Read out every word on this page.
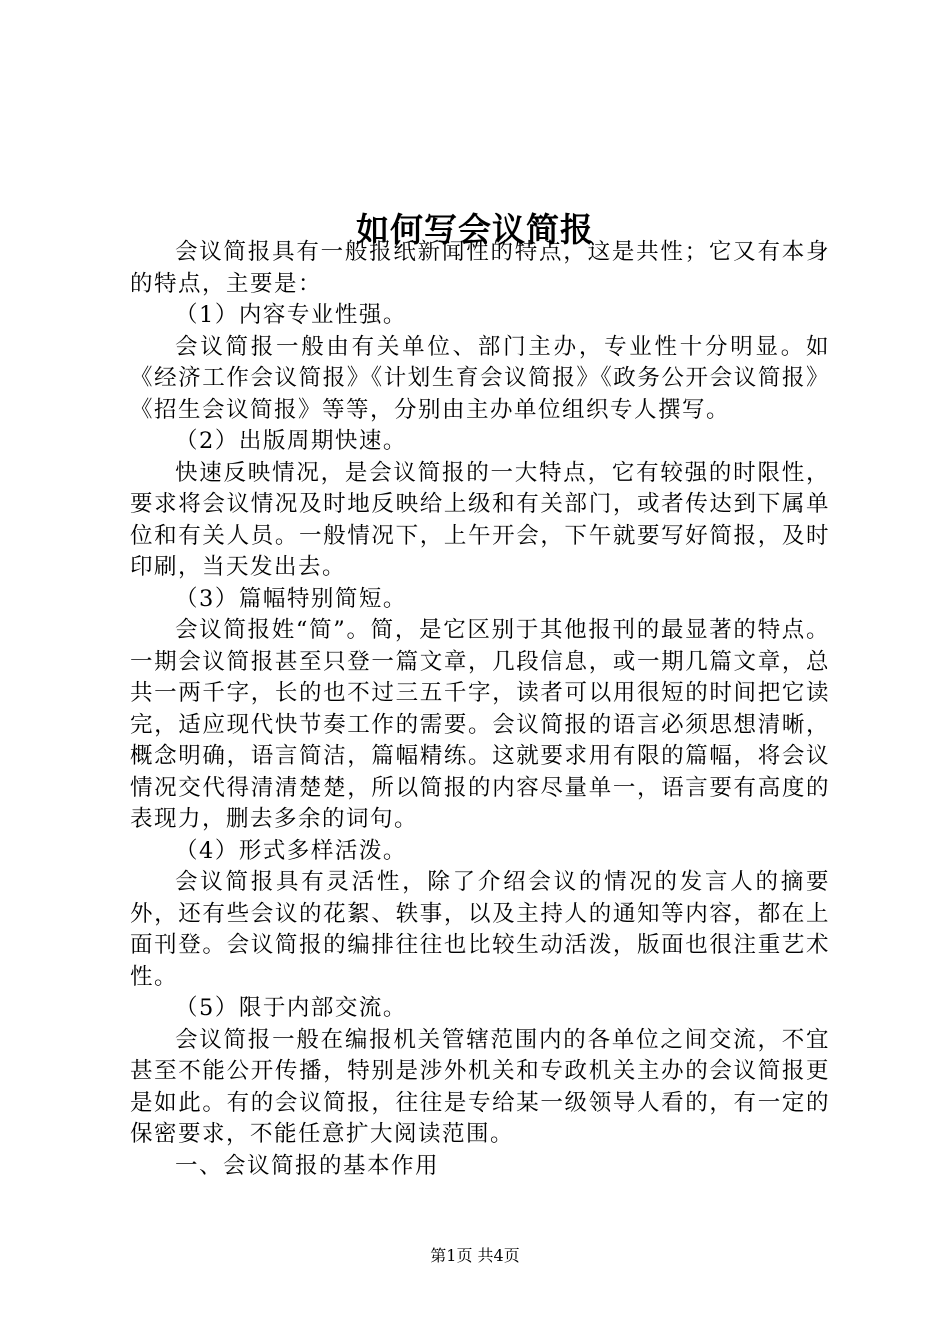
如何写会议简报

会议简报具有一般报纸新闻性的特点，这是共性；它又有本身的特点，主要是：

（1）内容专业性强。

会议简报一般由有关单位、部门主办，专业性十分明显。如《经济工作会议简报》《计划生育会议简报》《政务公开会议简报》《招生会议简报》等等，分别由主办单位组织专人撰写。

（2）出版周期快速。

快速反映情况，是会议简报的一大特点，它有较强的时限性，要求将会议情况及时地反映给上级和有关部门，或者传达到下属单位和有关人员。一般情况下，上午开会，下午就要写好简报，及时印刷，当天发出去。

（3）篇幅特别简短。

会议简报姓“简”。简，是它区别于其他报刊的最显著的特点。一期会议简报甚至只登一篇文章，几段信息，或一期几篇文章，总共一两千字，长的也不过三五千字，读者可以用很短的时间把它读完，适应现代快节奏工作的需要。会议简报的语言必须思想清晰，概念明确，语言简洁，篇幅精练。这就要求用有限的篇幅，将会议情况交代得清清楚楚，所以简报的内容尽量单一，语言要有高度的表现力，删去多余的词句。

（4）形式多样活泼。

会议简报具有灵活性，除了介绍会议的情况的发言人的摘要外，还有些会议的花絮、轶事，以及主持人的通知等内容，都在上面刊登。会议简报的编排往往也比较生动活泼，版面也很注重艺术性。

（5）限于内部交流。

会议简报一般在编报机关管辖范围内的各单位之间交流，不宜甚至不能公开传播，特别是涉外机关和专政机关主办的会议简报更是如此。有的会议简报，往往是专给某一级领导人看的，有一定的保密要求，不能任意扩大阅读范围。

一、会议简报的基本作用

第1页 共4页
